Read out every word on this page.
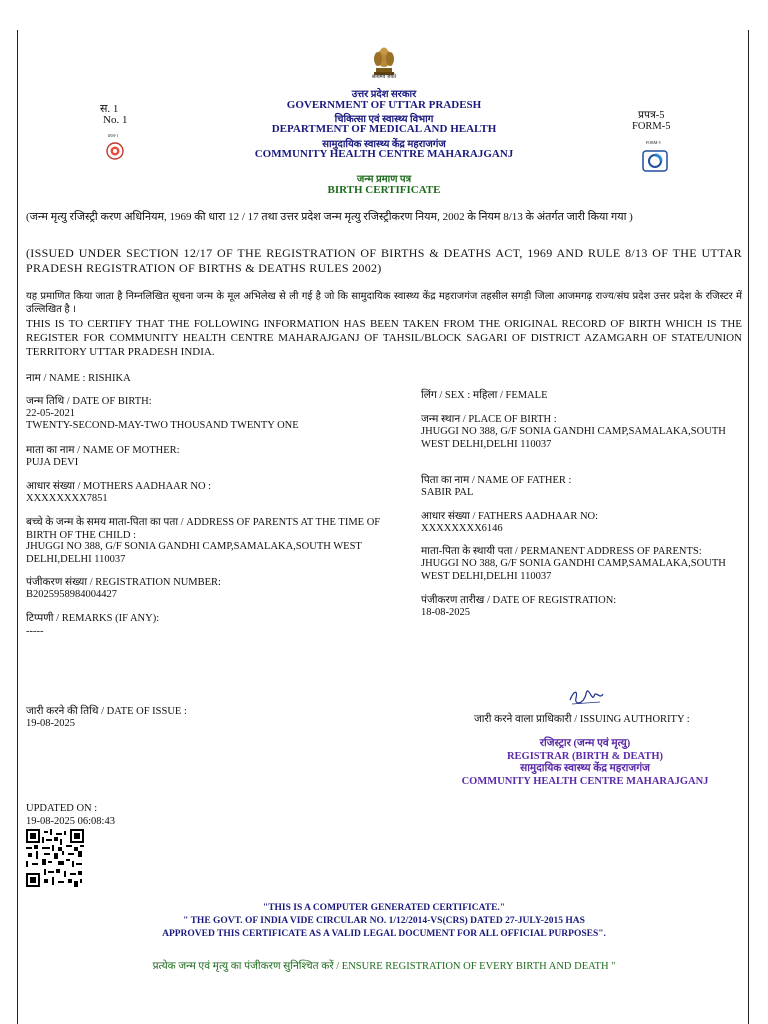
सत्यमेव जयते
स. 1
No. 1
प्रपत्र-1
प्रपत्र-5
FORM-5
FORM-5
उत्तर प्रदेश सरकार
GOVERNMENT OF UTTAR PRADESH
चिकित्सा एवं स्वास्थ्य विभाग
DEPARTMENT OF MEDICAL AND HEALTH
सामुदायिक स्वास्थ्य केंद्र महराजगंज
COMMUNITY HEALTH CENTRE MAHARAJGANJ
जन्म प्रमाण पत्र
BIRTH CERTIFICATE
(जन्म मृत्यु रजिस्ट्री करण अधिनियम, 1969 की धारा 12 / 17 तथा उत्तर प्रदेश जन्म मृत्यु रजिस्ट्रीकरण नियम, 2002 के नियम 8/13 के अंतर्गत जारी किया गया )
(ISSUED UNDER SECTION 12/17 OF THE REGISTRATION OF BIRTHS & DEATHS ACT, 1969 AND RULE 8/13 OF THE UTTAR PRADESH REGISTRATION OF BIRTHS & DEATHS RULES 2002)
यह प्रमाणित किया जाता है निम्नलिखित सूचना जन्म के मूल अभिलेख से ली गई है जो कि सामुदायिक स्वास्थ्य केंद्र महराजगंज तहसील सगड़ी जिला आजमगढ़ राज्य/संघ प्रदेश उत्तर प्रदेश के रजिस्टर में उल्लिखित है ।
THIS IS TO CERTIFY THAT THE FOLLOWING INFORMATION HAS BEEN TAKEN FROM THE ORIGINAL RECORD OF BIRTH WHICH IS THE REGISTER FOR COMMUNITY HEALTH CENTRE MAHARAJGANJ OF TAHSIL/BLOCK SAGARI OF DISTRICT AZAMGARH OF STATE/UNION TERRITORY UTTAR PRADESH INDIA.
नाम / NAME : RISHIKA
जन्म तिथि / DATE OF BIRTH:
22-05-2021
TWENTY-SECOND-MAY-TWO THOUSAND TWENTY ONE
माता का नाम / NAME OF MOTHER:
PUJA DEVI
आधार संख्या / MOTHERS AADHAAR NO :
XXXXXXXX7851
बच्चे के जन्म के समय माता-पिता का पता / ADDRESS OF PARENTS AT THE TIME OF BIRTH OF THE CHILD :
JHUGGI NO 388, G/F SONIA GANDHI CAMP,SAMALAKA,SOUTH WEST DELHI,DELHI 110037
पंजीकरण संख्या / REGISTRATION NUMBER:
B2025958984004427
टिप्पणी / REMARKS (IF ANY):
-----
लिंग / SEX : महिला / FEMALE
जन्म स्थान / PLACE OF BIRTH :
JHUGGI NO 388, G/F SONIA GANDHI CAMP,SAMALAKA,SOUTH WEST DELHI,DELHI 110037
पिता का नाम / NAME OF FATHER :
SABIR PAL
आधार संख्या / FATHERS AADHAAR NO:
XXXXXXXX6146
माता-पिता के स्थायी पता / PERMANENT ADDRESS OF PARENTS:
JHUGGI NO 388, G/F SONIA GANDHI CAMP,SAMALAKA,SOUTH WEST DELHI,DELHI 110037
पंजीकरण तारीख / DATE OF REGISTRATION:
18-08-2025
जारी करने की तिथि / DATE OF ISSUE :
19-08-2025	जारी करने वाला प्राधिकारी / ISSUING AUTHORITY :
रजिस्ट्रार (जन्म एवं मृत्यु)
REGISTRAR (BIRTH & DEATH)
सामुदायिक स्वास्थ्य केंद्र महराजगंज
COMMUNITY HEALTH CENTRE MAHARAJGANJ
UPDATED ON :
19-08-2025 06:08:43
"THIS IS A COMPUTER GENERATED CERTIFICATE."
" THE GOVT. OF INDIA VIDE CIRCULAR NO. 1/12/2014-VS(CRS) DATED 27-JULY-2015 HAS
APPROVED THIS CERTIFICATE AS A VALID LEGAL DOCUMENT FOR ALL OFFICIAL PURPOSES".
प्रत्येक जन्म एवं मृत्यु का पंजीकरण सुनिश्चित करें / ENSURE REGISTRATION OF EVERY BIRTH AND DEATH "
